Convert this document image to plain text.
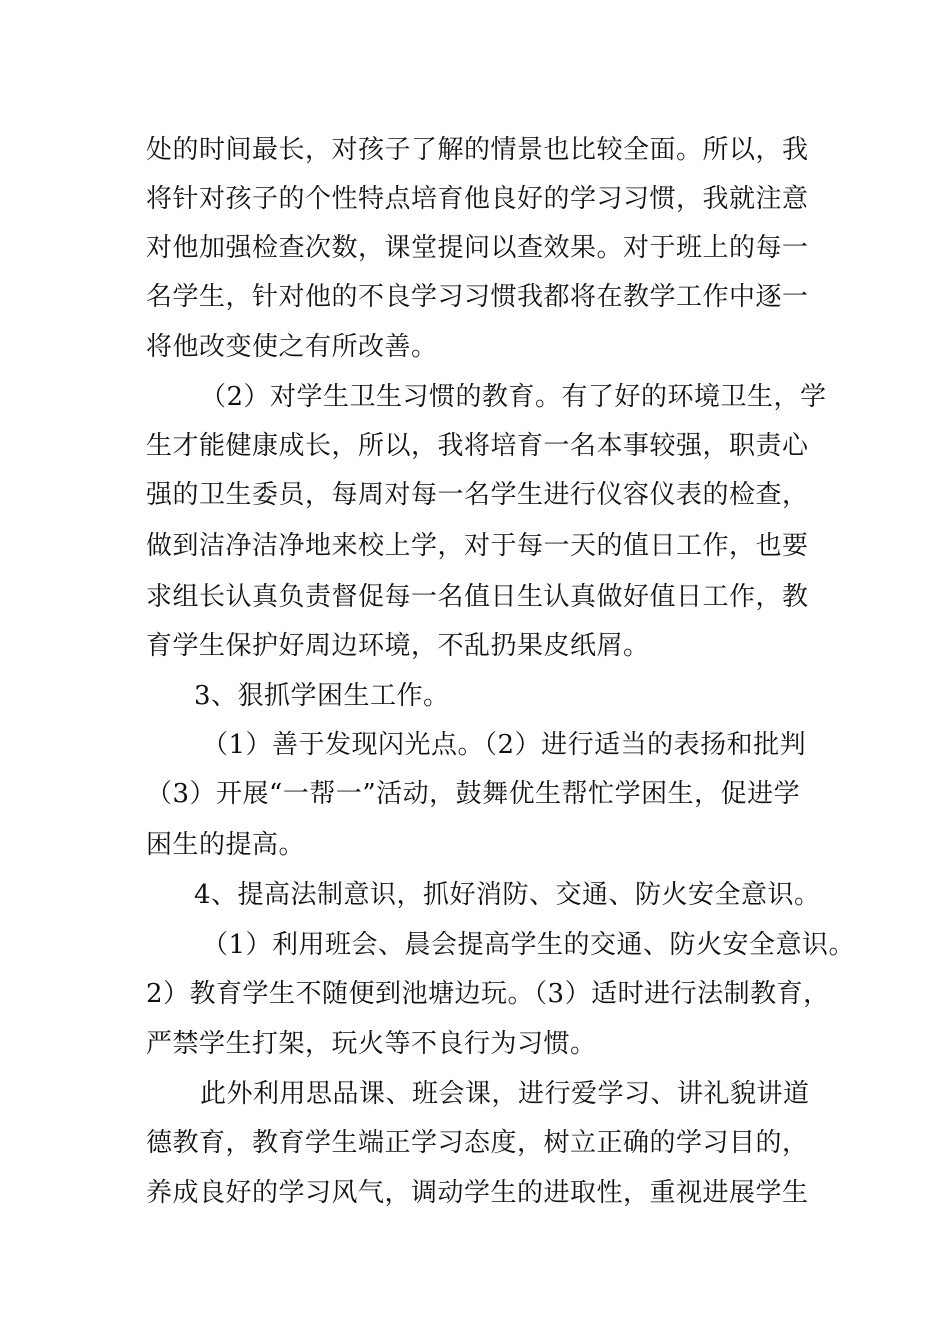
处的时间最长，对孩子了解的情景也比较全面。所以，我
将针对孩子的个性特点培育他良好的学习习惯，我就注意
对他加强检查次数，课堂提问以查效果。对于班上的每一
名学生，针对他的不良学习习惯我都将在教学工作中逐一
将他改变使之有所改善。
（2）对学生卫生习惯的教育。有了好的环境卫生，学
生才能健康成长，所以，我将培育一名本事较强，职责心
强的卫生委员，每周对每一名学生进行仪容仪表的检查，
做到洁净洁净地来校上学，对于每一天的值日工作，也要
求组长认真负责督促每一名值日生认真做好值日工作，教
育学生保护好周边环境，不乱扔果皮纸屑。
3、狠抓学困生工作。
（1）善于发现闪光点。（2）进行适当的表扬和批判
（3）开展“一帮一”活动，鼓舞优生帮忙学困生，促进学
困生的提高。
4、提高法制意识，抓好消防、交通、防火安全意识。
（1）利用班会、晨会提高学生的交通、防火安全意识。
2）教育学生不随便到池塘边玩。（3）适时进行法制教育，
严禁学生打架，玩火等不良行为习惯。
此外利用思品课、班会课，进行爱学习、讲礼貌讲道
德教育，教育学生端正学习态度，树立正确的学习目的，
养成良好的学习风气，调动学生的进取性，重视进展学生
